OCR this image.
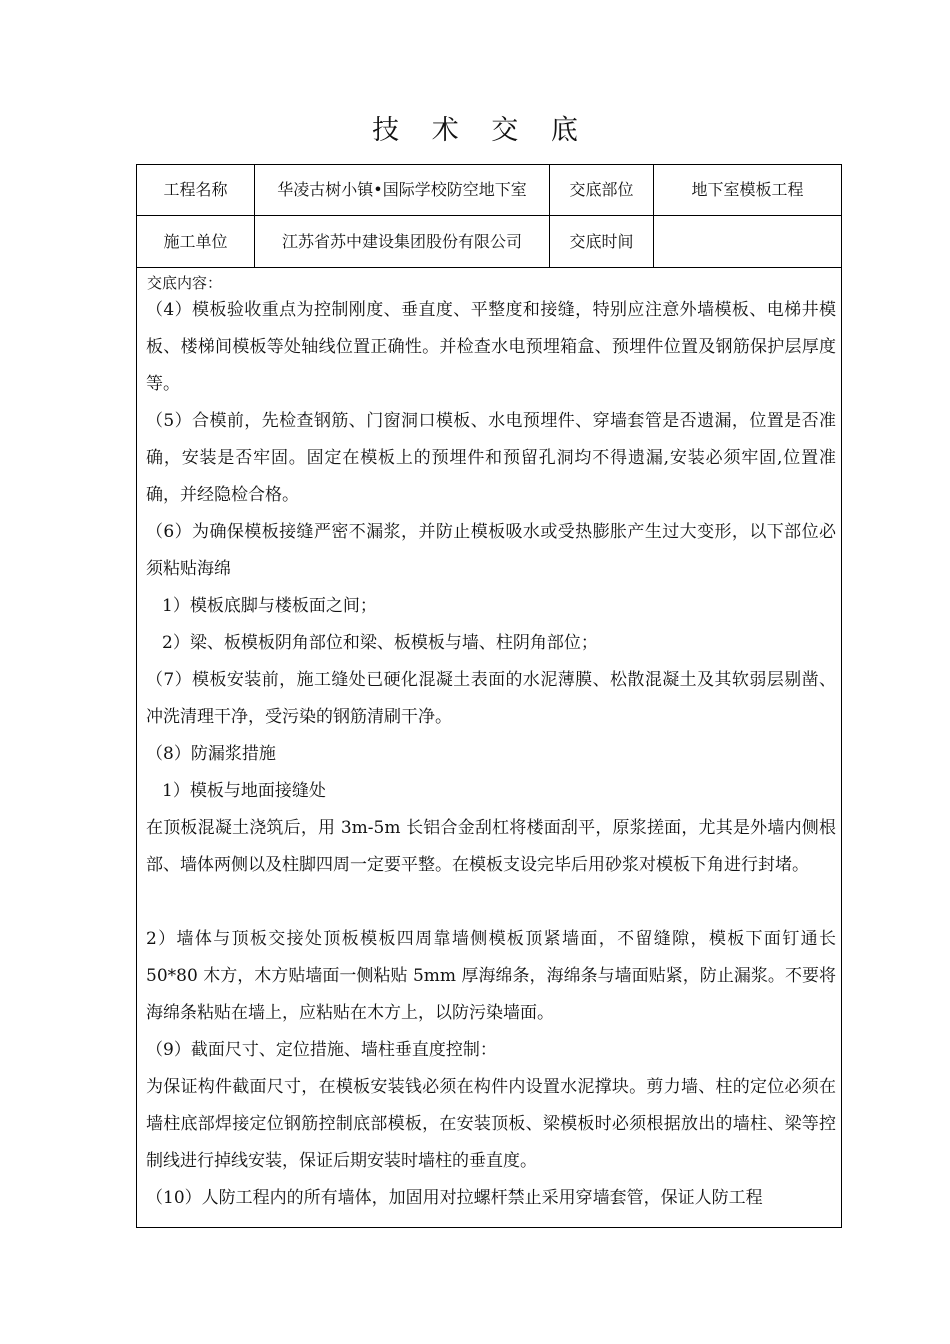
技 术 交 底
工程名称	华凌古树小镇•国际学校防空地下室	交底部位	地下室模板工程
施工单位	江苏省苏中建设集团股份有限公司	交底时间
交底内容：
（4）模板验收重点为控制刚度、垂直度、平整度和接缝，特别应注意外墙模板、电梯井模板、楼梯间模板等处轴线位置正确性。并检查水电预埋箱盒、预埋件位置及钢筋保护层厚度等。
（5）合模前，先检查钢筋、门窗洞口模板、水电预埋件、穿墙套管是否遗漏，位置是否准确，安装是否牢固。固定在模板上的预埋件和预留孔洞均不得遗漏,安装必须牢固,位置准确，并经隐检合格。
（6）为确保模板接缝严密不漏浆，并防止模板吸水或受热膨胀产生过大变形，以下部位必须粘贴海绵
1）模板底脚与楼板面之间；
2）梁、板模板阴角部位和梁、板模板与墙、柱阴角部位；
（7）模板安装前，施工缝处已硬化混凝土表面的水泥薄膜、松散混凝土及其软弱层剔凿、冲洗清理干净，受污染的钢筋清刷干净。
（8）防漏浆措施
1）模板与地面接缝处
在顶板混凝土浇筑后，用 3m-5m 长铝合金刮杠将楼面刮平，原浆搓面，尤其是外墙内侧根部、墙体两侧以及柱脚四周一定要平整。在模板支设完毕后用砂浆对模板下角进行封堵。
2）墙体与顶板交接处顶板模板四周靠墙侧模板顶紧墙面，不留缝隙，模板下面钉通长 50*80 木方，木方贴墙面一侧粘贴 5mm 厚海绵条，海绵条与墙面贴紧，防止漏浆。不要将海绵条粘贴在墙上，应粘贴在木方上，以防污染墙面。
（9）截面尺寸、定位措施、墙柱垂直度控制：
为保证构件截面尺寸，在模板安装钱必须在构件内设置水泥撑块。剪力墙、柱的定位必须在墙柱底部焊接定位钢筋控制底部模板，在安装顶板、梁模板时必须根据放出的墙柱、梁等控制线进行掉线安装，保证后期安装时墙柱的垂直度。
（10）人防工程内的所有墙体，加固用对拉螺杆禁止采用穿墙套管，保证人防工程
